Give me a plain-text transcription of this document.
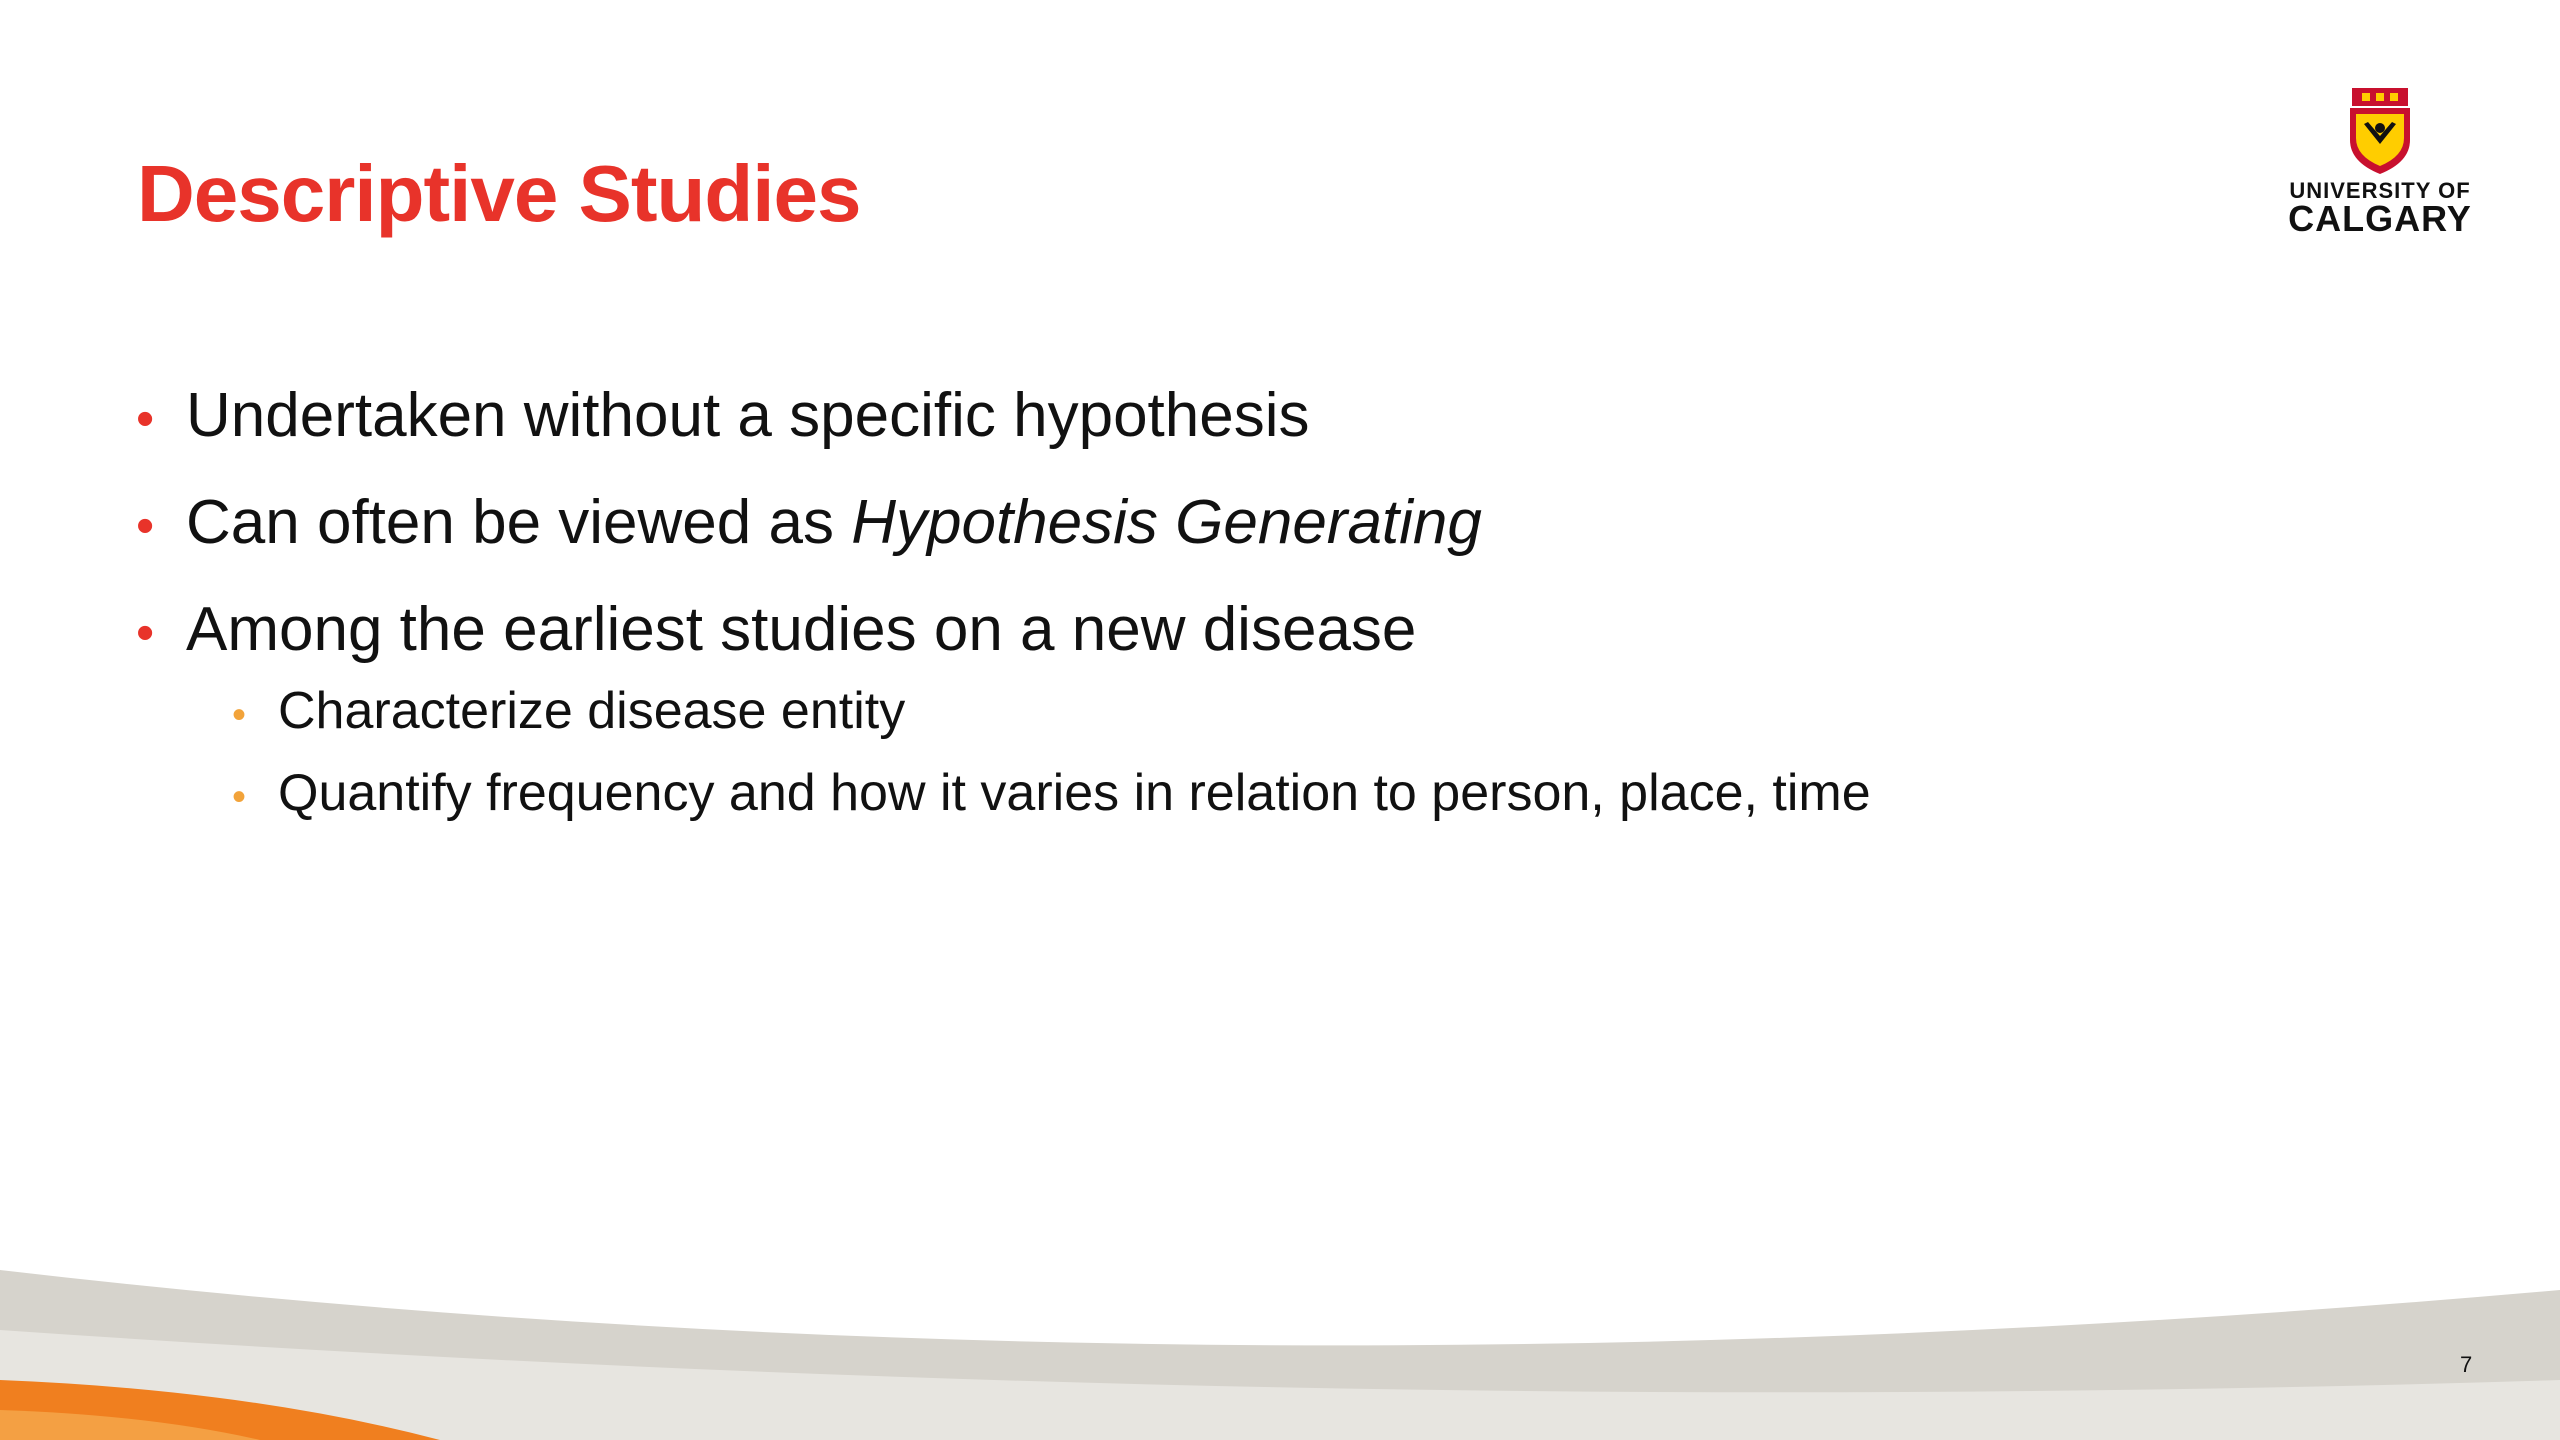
Descriptive Studies	UNIVERSITY OF
CALGARY
• Undertaken without a specific hypothesis
• Can often be viewed as Hypothesis Generating
• Among the earliest studies on a new disease
• Characterize disease entity
• Quantify frequency and how it varies in relation to person, place, time
7
